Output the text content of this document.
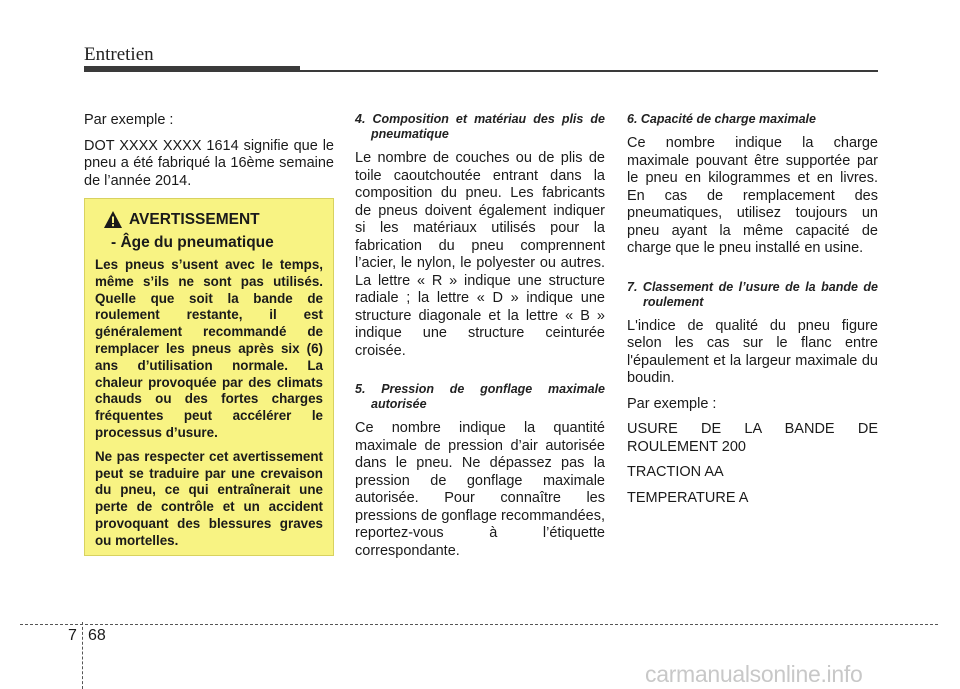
Entretien

Par exemple :

DOT XXXX XXXX 1614 signifie que le pneu a été fabriqué la 16ème semaine de l’année 2014.

AVERTISSEMENT
- Âge du pneumatique

Les pneus s’usent avec le temps, même s’ils ne sont pas utilisés. Quelle que soit la bande de roulement restante, il est généralement recommandé de remplacer les pneus après six (6) ans d’utilisation normale. La chaleur provoquée par des climats chauds ou des fortes charges fréquentes peut accélérer le processus d’usure.

Ne pas respecter cet avertissement peut se traduire par une crevaison du pneu, ce qui entraînerait une perte de contrôle et un accident provoquant des blessures graves ou mortelles.

4. Composition et matériau des plis de pneumatique

Le nombre de couches ou de plis de toile caoutchoutée entrant dans la composition du pneu. Les fabricants de pneus doivent également indiquer si les matériaux utilisés pour la fabrication du pneu comprennent l’acier, le nylon, le polyester ou autres. La lettre « R » indique une structure radiale ; la lettre « D » indique une structure diagonale et la lettre « B » indique une structure ceinturée croisée.

5. Pression de gonflage maximale autorisée

Ce nombre indique la quantité maximale de pression d’air autorisée dans le pneu. Ne dépassez pas la pression de gonflage maximale autorisée. Pour connaître les pressions de gonflage recommandées, reportez-vous à l’étiquette correspondante.

6. Capacité de charge maximale

Ce nombre indique la charge maximale pouvant être supportée par le pneu en kilogrammes et en livres. En cas de remplacement des pneumatiques, utilisez toujours un pneu ayant la même capacité de charge que le pneu installé en usine.

7. Classement de l’usure de la bande de roulement

L'indice de qualité du pneu figure selon les cas sur le flanc entre l'épaulement et la largeur maximale du boudin.

Par exemple :

USURE DE LA BANDE DE ROULEMENT 200

TRACTION AA

TEMPERATURE A

7 68
carmanualsonline.info
